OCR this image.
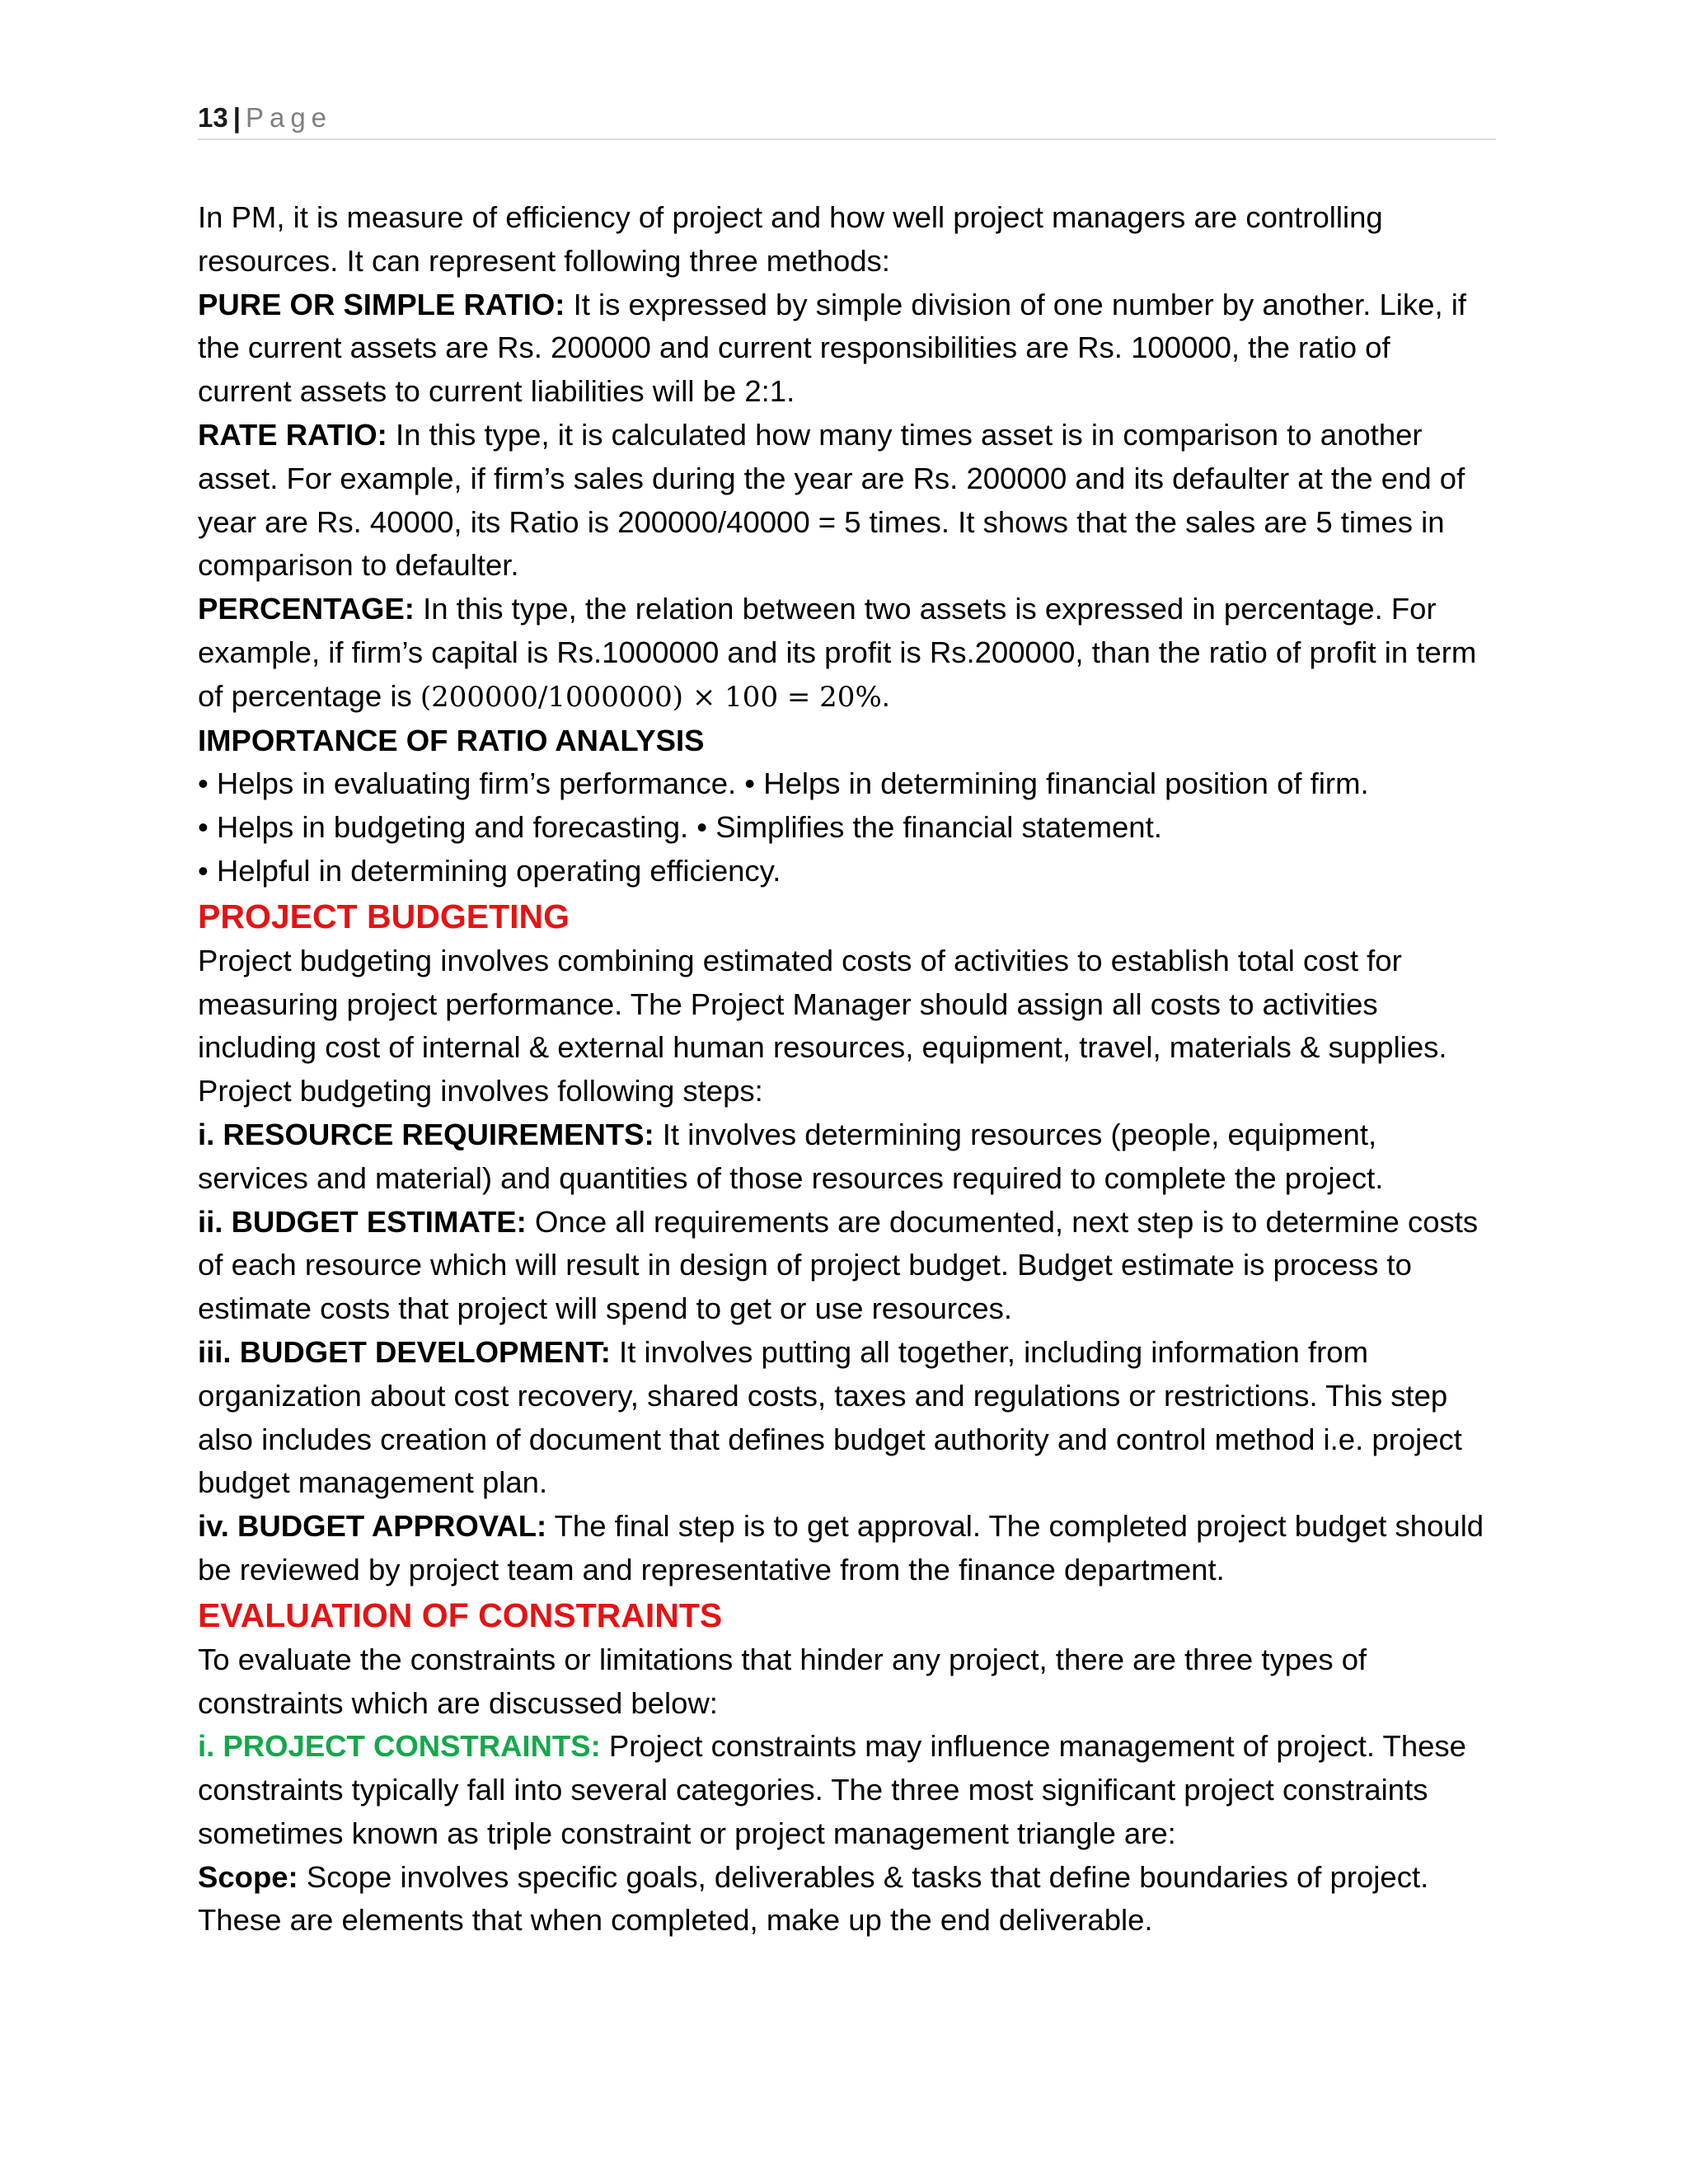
13 | Page

In PM, it is measure of efficiency of project and how well project managers are controlling resources. It can represent following three methods:

PURE OR SIMPLE RATIO: It is expressed by simple division of one number by another. Like, if the current assets are Rs. 200000 and current responsibilities are Rs. 100000, the ratio of current assets to current liabilities will be 2:1.

RATE RATIO: In this type, it is calculated how many times asset is in comparison to another asset. For example, if firm’s sales during the year are Rs. 200000 and its defaulter at the end of year are Rs. 40000, its Ratio is 200000/40000 = 5 times. It shows that the sales are 5 times in comparison to defaulter.

PERCENTAGE: In this type, the relation between two assets is expressed in percentage. For example, if firm’s capital is Rs.1000000 and its profit is Rs.200000, than the ratio of profit in term of percentage is (200000/1000000) × 100 = 20%.

IMPORTANCE OF RATIO ANALYSIS

• Helps in evaluating firm’s performance. • Helps in determining financial position of firm.

• Helps in budgeting and forecasting. • Simplifies the financial statement.

• Helpful in determining operating efficiency.

PROJECT BUDGETING

Project budgeting involves combining estimated costs of activities to establish total cost for measuring project performance. The Project Manager should assign all costs to activities including cost of internal & external human resources, equipment, travel, materials & supplies. Project budgeting involves following steps:

i. RESOURCE REQUIREMENTS: It involves determining resources (people, equipment, services and material) and quantities of those resources required to complete the project.

ii. BUDGET ESTIMATE: Once all requirements are documented, next step is to determine costs of each resource which will result in design of project budget. Budget estimate is process to estimate costs that project will spend to get or use resources.

iii. BUDGET DEVELOPMENT: It involves putting all together, including information from organization about cost recovery, shared costs, taxes and regulations or restrictions. This step also includes creation of document that defines budget authority and control method i.e. project budget management plan.

iv. BUDGET APPROVAL: The final step is to get approval. The completed project budget should be reviewed by project team and representative from the finance department.

EVALUATION OF CONSTRAINTS

To evaluate the constraints or limitations that hinder any project, there are three types of constraints which are discussed below:

i. PROJECT CONSTRAINTS: Project constraints may influence management of project. These constraints typically fall into several categories. The three most significant project constraints sometimes known as triple constraint or project management triangle are:

Scope: Scope involves specific goals, deliverables & tasks that define boundaries of project. These are elements that when completed, make up the end deliverable.
